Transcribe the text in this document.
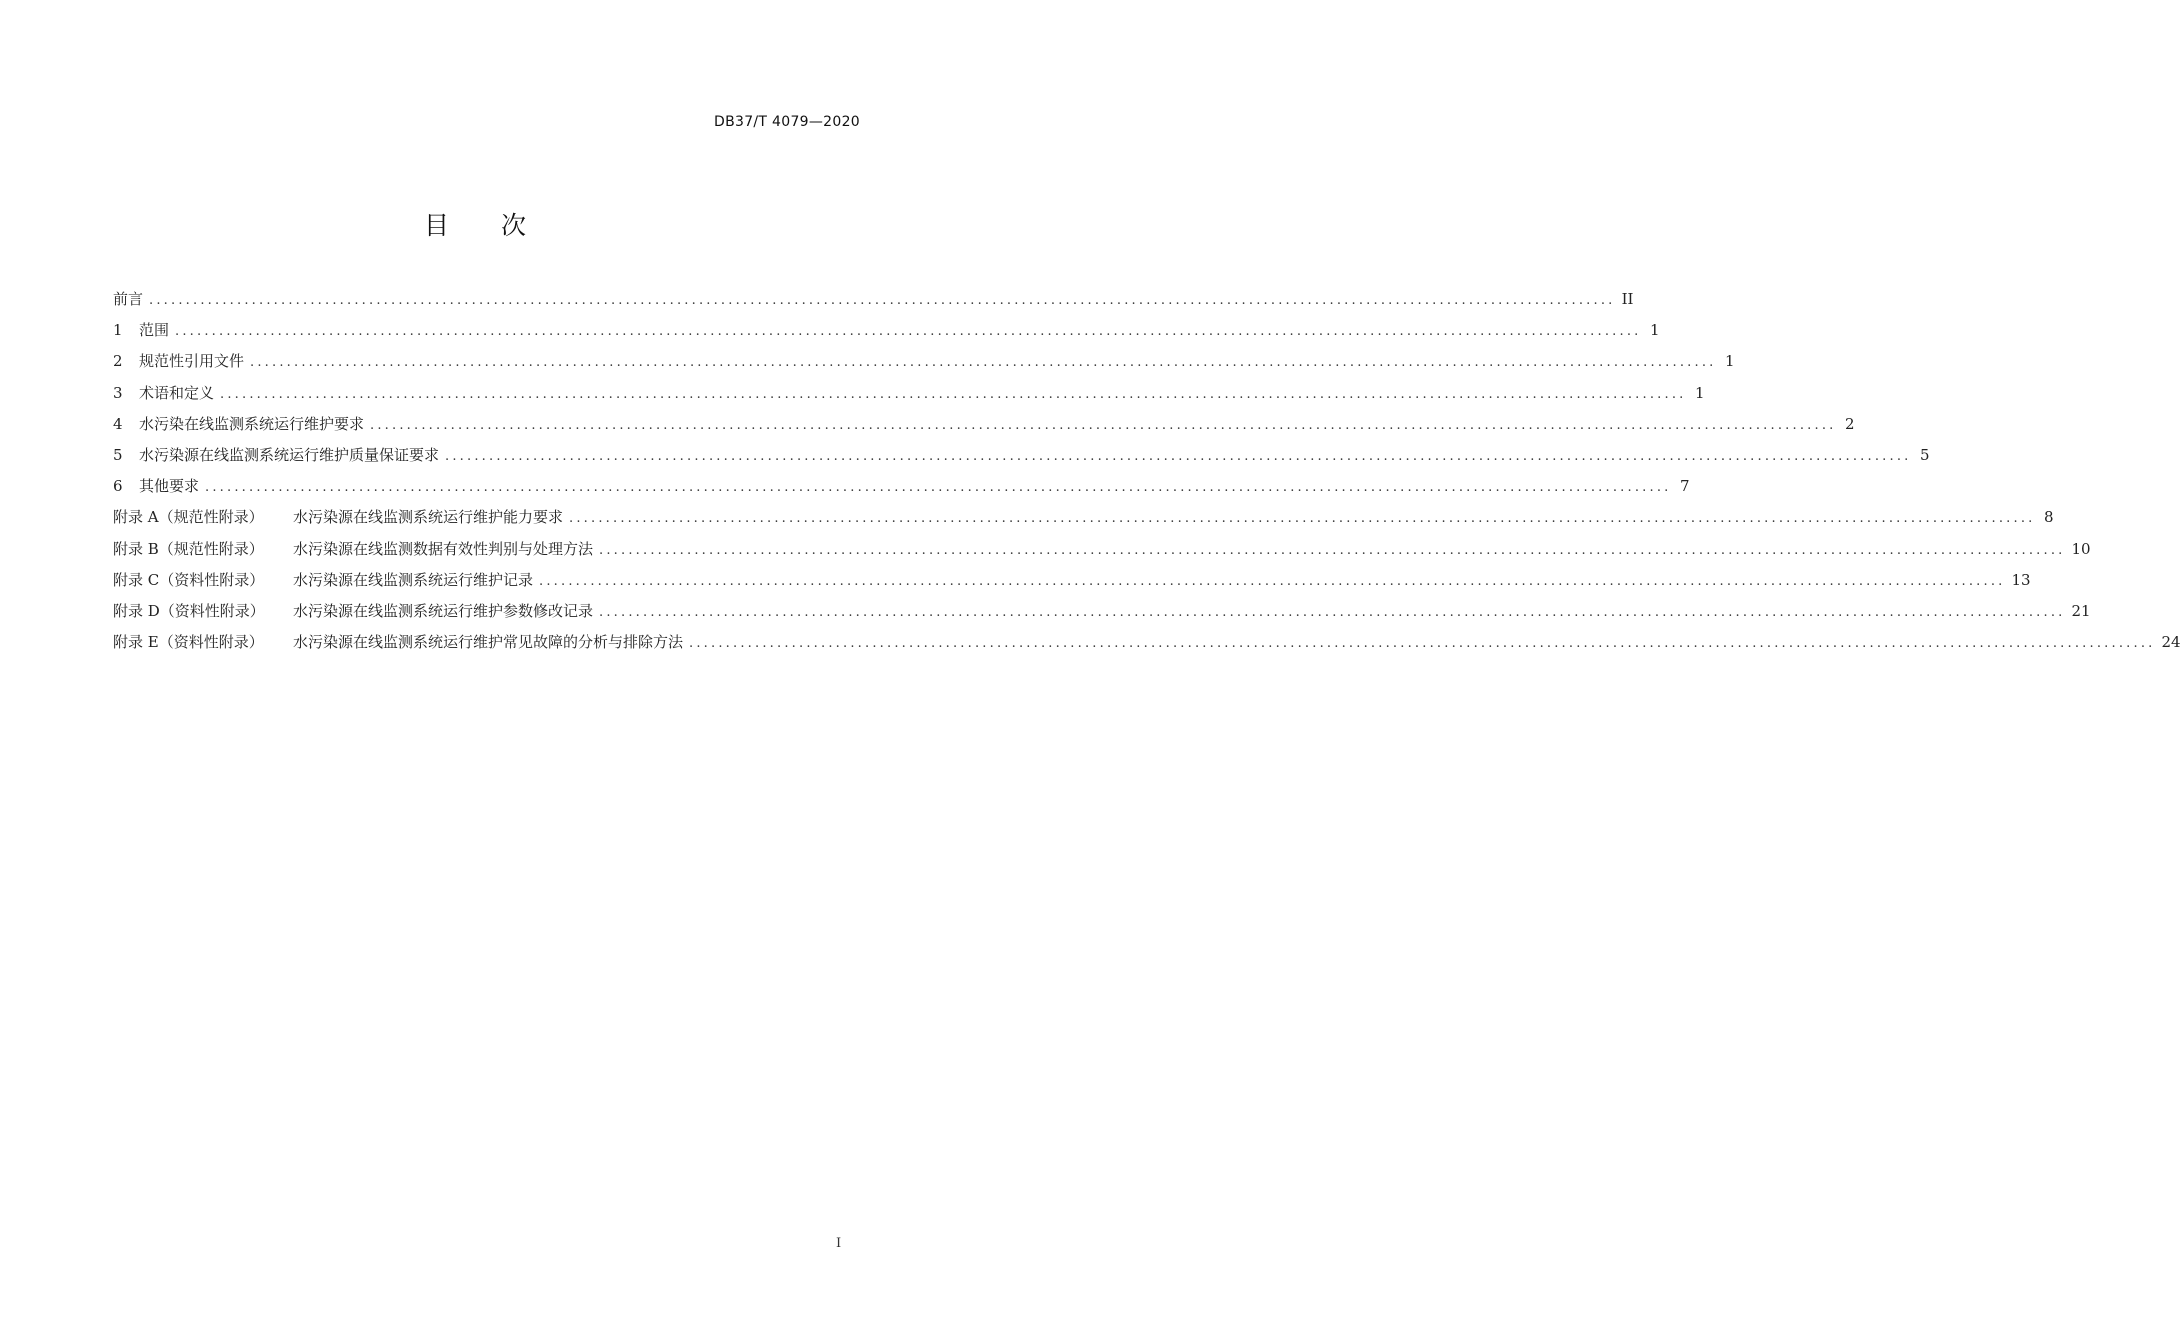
DB37/T 4079—2020
目 次
前言 ........................................................................................................................................................................................................ II
1	范围 ........................................................................................................................................................................................................ 1
2	规范性引用文件 ........................................................................................................................................................................................................ 1
3	术语和定义 ........................................................................................................................................................................................................ 1
4	水污染在线监测系统运行维护要求 ........................................................................................................................................................................................................ 2
5	水污染源在线监测系统运行维护质量保证要求 ........................................................................................................................................................................................................ 5
6	其他要求 ........................................................................................................................................................................................................ 7
附录 A（规范性附录）	水污染源在线监测系统运行维护能力要求 ........................................................................................................................................................................................................ 8
附录 B（规范性附录）	水污染源在线监测数据有效性判别与处理方法 ........................................................................................................................................................................................................ 10
附录 C（资料性附录）	水污染源在线监测系统运行维护记录 ........................................................................................................................................................................................................ 13
附录 D（资料性附录）	水污染源在线监测系统运行维护参数修改记录 ........................................................................................................................................................................................................ 21
附录 E（资料性附录）	水污染源在线监测系统运行维护常见故障的分析与排除方法 ........................................................................................................................................................................................................ 24
I
